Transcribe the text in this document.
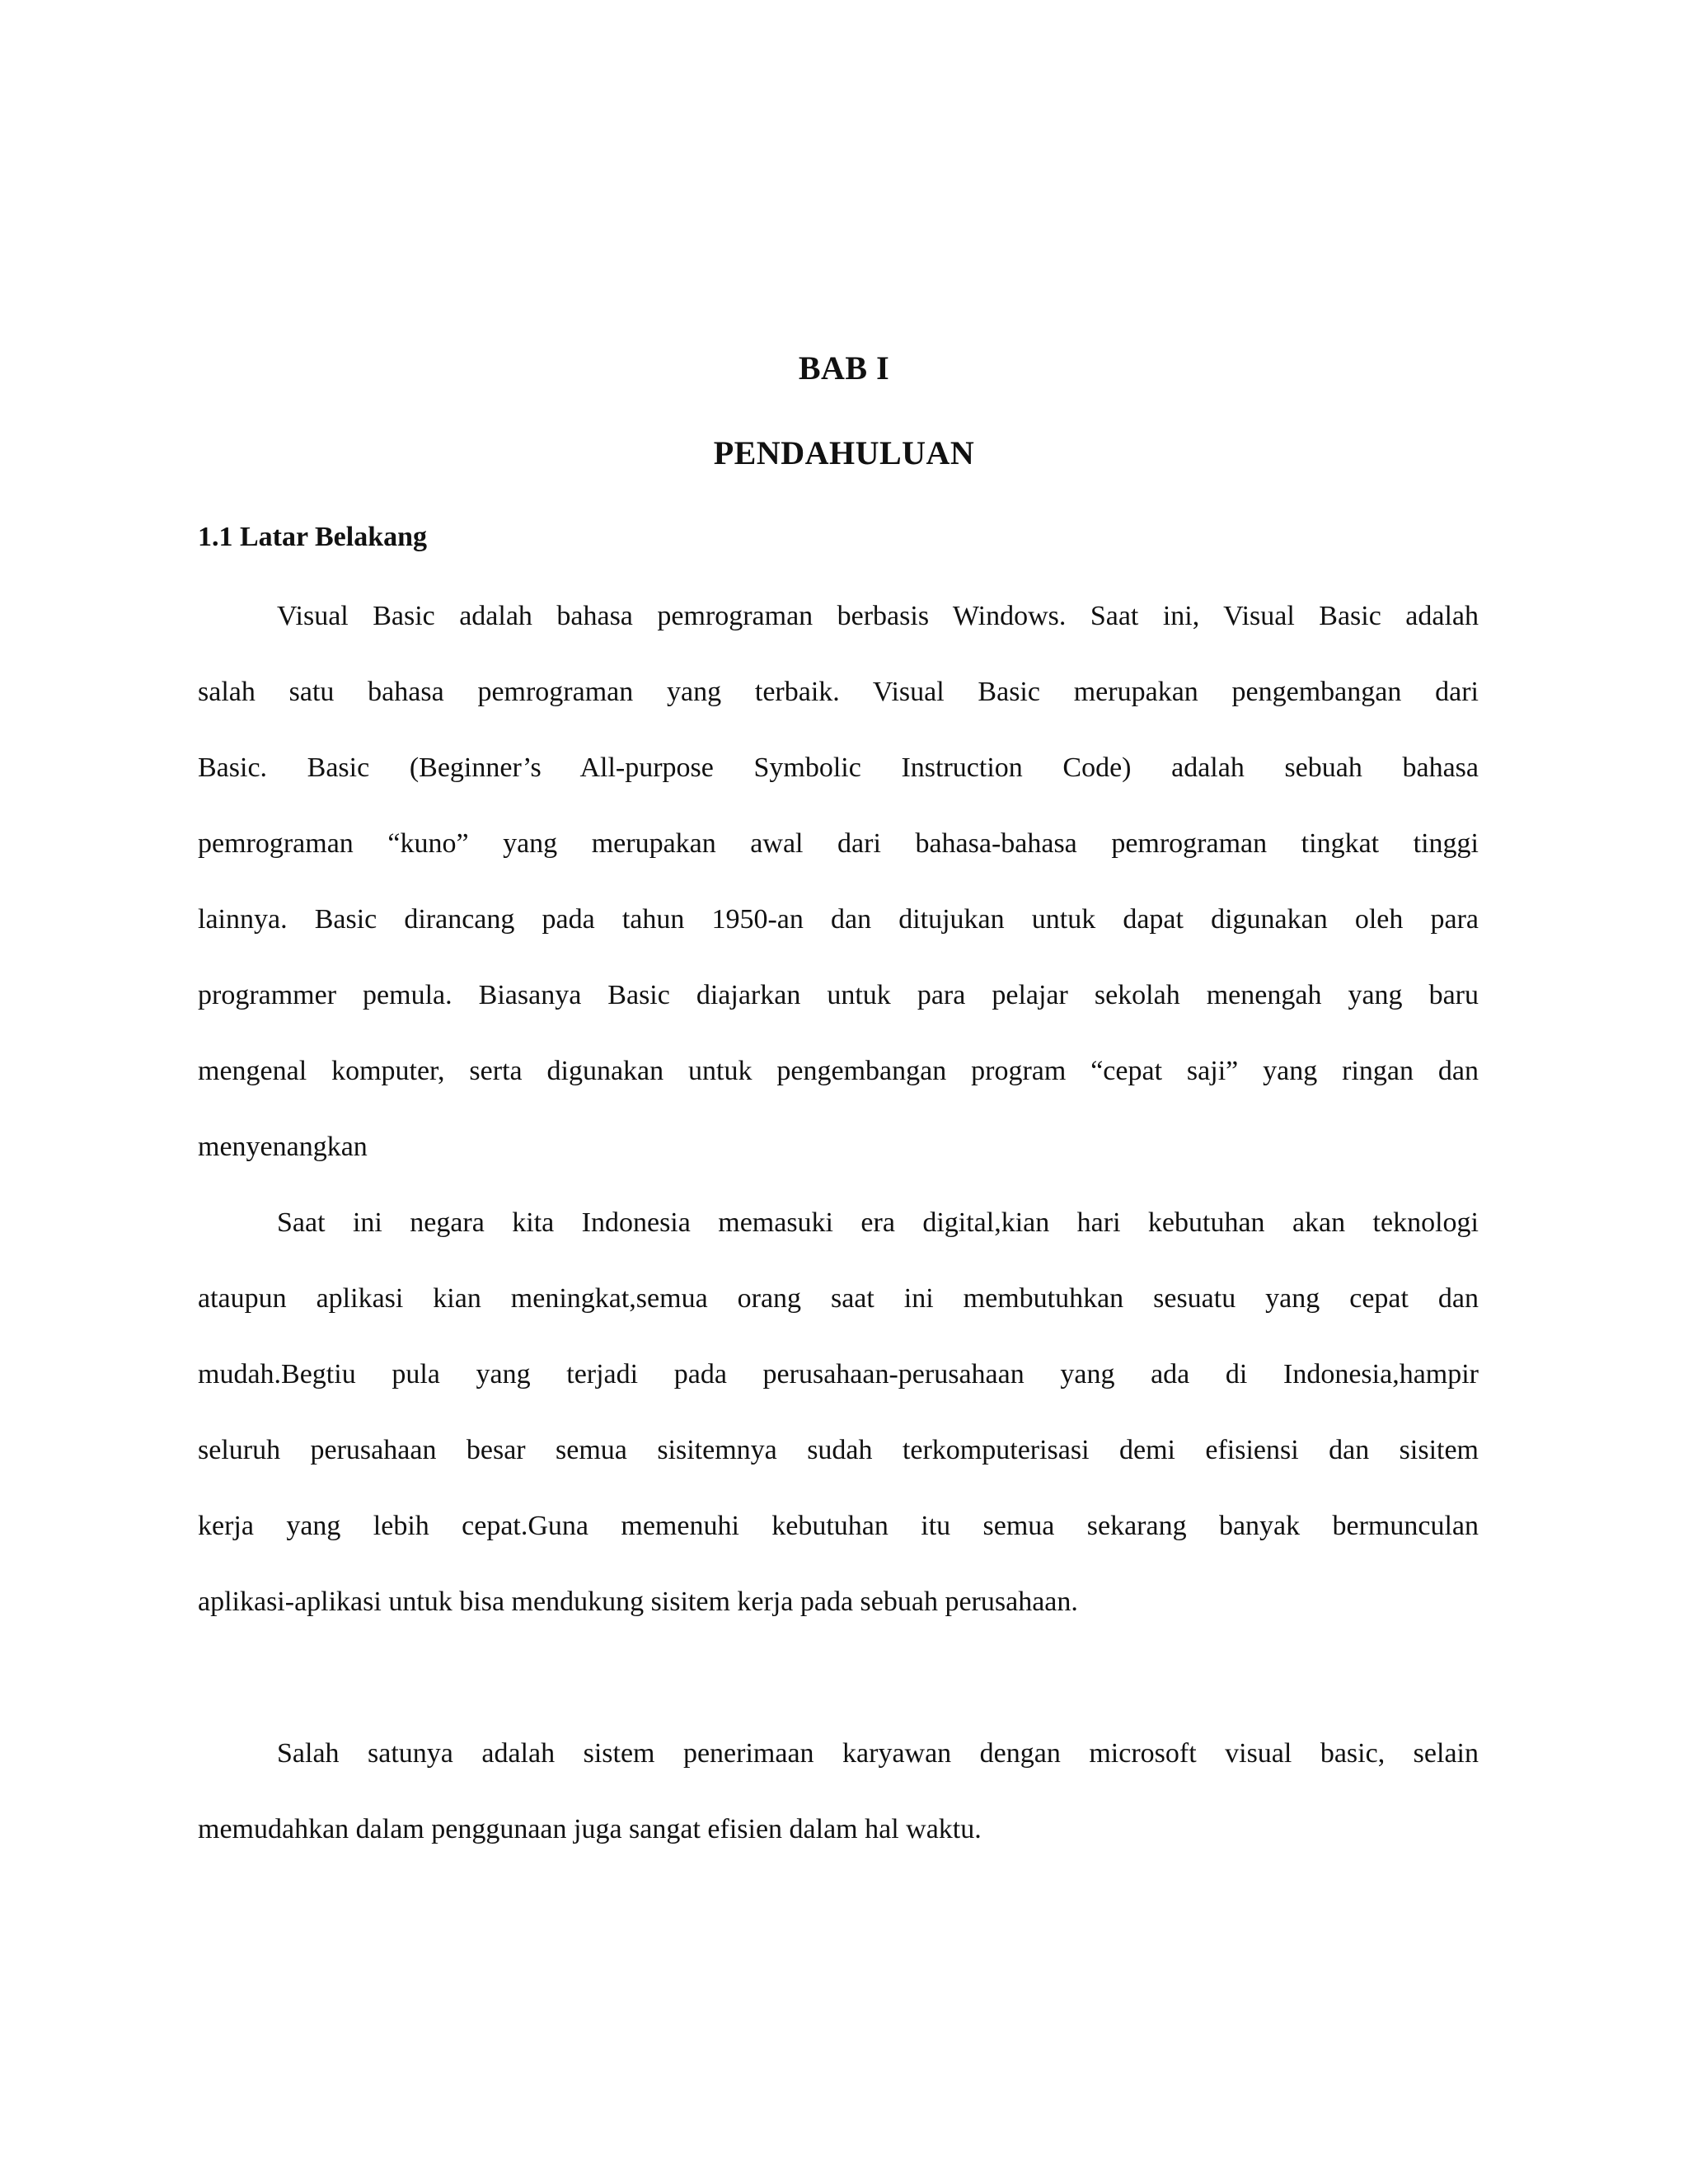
BAB I
PENDAHULUAN
1.1 Latar Belakang

Visual Basic adalah bahasa pemrograman berbasis Windows. Saat ini, Visual Basic adalah

salah satu bahasa pemrograman yang terbaik. Visual Basic merupakan pengembangan dari

Basic. Basic (Beginner’s All-purpose Symbolic Instruction Code) adalah sebuah bahasa

pemrograman “kuno” yang merupakan awal dari bahasa-bahasa pemrograman tingkat tinggi

lainnya. Basic dirancang pada tahun 1950-an dan ditujukan untuk dapat digunakan oleh para

programmer pemula. Biasanya Basic diajarkan untuk para pelajar sekolah menengah yang baru

mengenal komputer, serta digunakan untuk pengembangan program “cepat saji” yang ringan dan

menyenangkan

Saat ini negara kita Indonesia memasuki era digital,kian hari kebutuhan akan teknologi

ataupun aplikasi kian meningkat,semua orang saat ini membutuhkan sesuatu yang cepat dan

mudah.Begtiu pula yang terjadi pada perusahaan-perusahaan yang ada di Indonesia,hampir

seluruh perusahaan besar semua sisitemnya sudah terkomputerisasi demi efisiensi dan sisitem

kerja yang lebih cepat.Guna memenuhi kebutuhan itu semua sekarang banyak bermunculan

aplikasi-aplikasi untuk bisa mendukung sisitem kerja pada sebuah perusahaan.

Salah satunya adalah sistem penerimaan karyawan dengan microsoft visual basic, selain

memudahkan dalam penggunaan juga sangat efisien dalam hal waktu.
